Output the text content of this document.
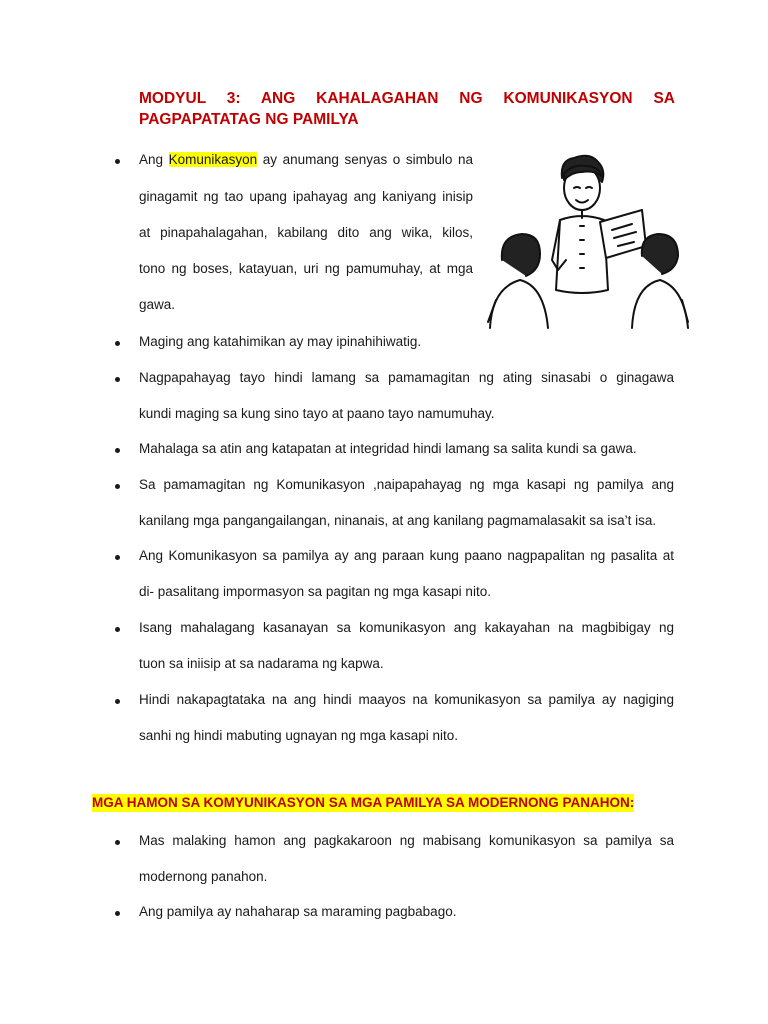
MODYUL 3: ANG KAHALAGAHAN NG KOMUNIKASYON SA

PAGPAPATATAG NG PAMILYA

Ang Komunikasyon ay anumang senyas o simbulo na

ginagamit ng tao upang ipahayag ang kaniyang inisip

at pinapahalagahan, kabilang dito ang wika, kilos,

tono ng boses, katayuan, uri ng pamumuhay, at mga

gawa.

Maging ang katahimikan ay may ipinahihiwatig.

Nagpapahayag tayo hindi lamang sa pamamagitan ng ating sinasabi o ginagawa

kundi maging sa kung sino tayo at paano tayo namumuhay.

Mahalaga sa atin ang katapatan at integridad hindi lamang sa salita kundi sa gawa.

Sa pamamagitan ng Komunikasyon ,naipapahayag ng mga kasapi ng pamilya ang

kanilang mga pangangailangan, ninanais, at ang kanilang pagmamalasakit sa isa’t isa.

Ang Komunikasyon sa pamilya ay ang paraan kung paano nagpapalitan ng pasalita at

di- pasalitang impormasyon sa pagitan ng mga kasapi nito.

Isang mahalagang kasanayan sa komunikasyon ang kakayahan na magbibigay ng

tuon sa iniisip at sa nadarama ng kapwa.

Hindi nakapagtataka na ang hindi maayos na komunikasyon sa pamilya ay nagiging

sanhi ng hindi mabuting ugnayan ng mga kasapi nito.

MGA HAMON SA KOMYUNIKASYON SA MGA PAMILYA SA MODERNONG PANAHON:

Mas malaking hamon ang pagkakaroon ng mabisang komunikasyon sa pamilya sa

modernong panahon.

Ang pamilya ay nahaharap sa maraming pagbabago.
